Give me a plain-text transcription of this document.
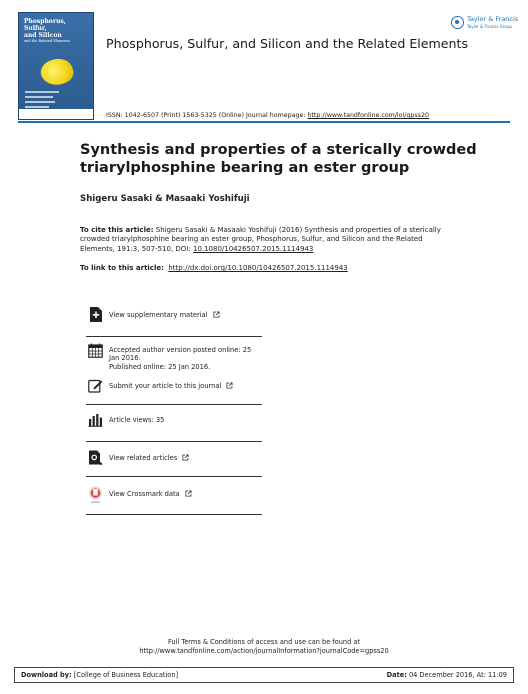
Phosphorus,
Sulfur,
and Silicon
and the Related Elements	Phosphorus, Sulfur, and Silicon and the Related Elements
Taylor & Francis
Taylor & Francis Group
ISSN: 1042-6507 (Print) 1563-5325 (Online) Journal homepage: http://www.tandfonline.com/loi/gpss20
Synthesis and properties of a sterically crowded triarylphosphine bearing an ester group
Shigeru Sasaki & Masaaki Yoshifuji
To cite this article: Shigeru Sasaki & Masaaki Yoshifuji (2016) Synthesis and properties of a sterically crowded triarylphosphine bearing an ester group, Phosphorus, Sulfur, and Silicon and the Related Elements, 191:3, 507-510, DOI: 10.1080/10426507.2015.1114943
To link to this article: http://dx.doi.org/10.1080/10426507.2015.1114943
View supplementary material
Accepted author version posted online: 25 Jan 2016.
Published online: 25 Jan 2016.
Submit your article to this journal
Article views: 35
View related articles
View Crossmark data
Full Terms & Conditions of access and use can be found at
http://www.tandfonline.com/action/journalInformation?journalCode=gpss20
Download by: [College of Business Education]	Date: 04 December 2016, At: 11:09
